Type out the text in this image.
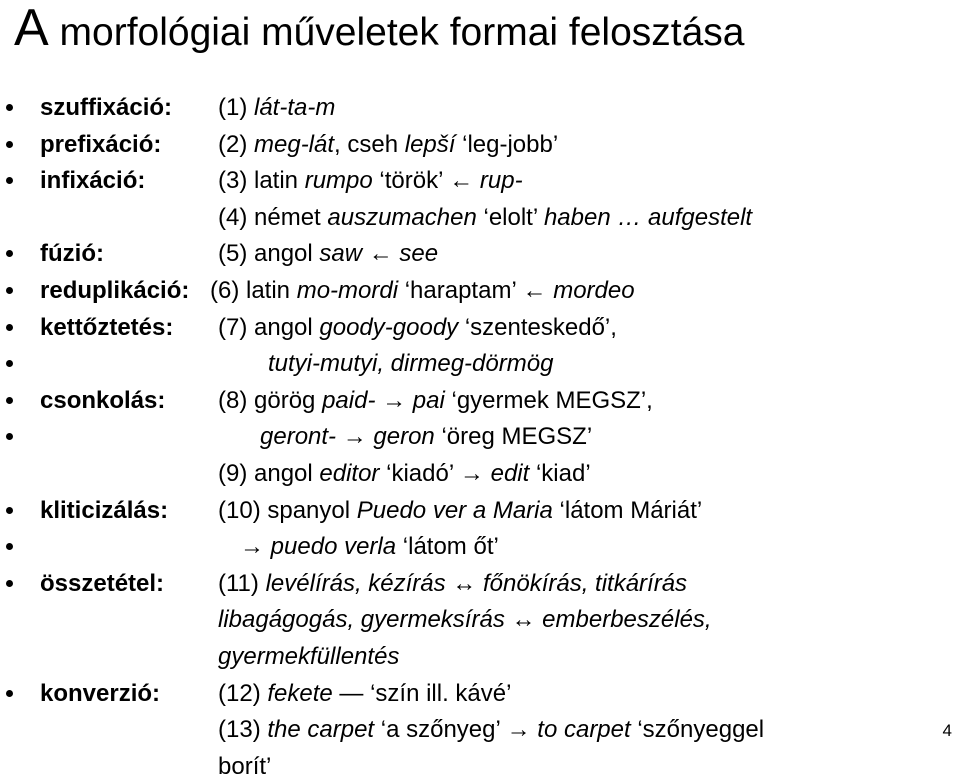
A morfológiai műveletek formai felosztása
szuffixáció: (1) lát-ta-m
prefixáció: (2) meg-lát, cseh lepší ‘leg-jobb’
infixáció:	(3) latin rumpo ‘török’ ← rup-
(4) német auszumachen ‘elolt’ haben … aufgestelt
fúzió:	(5) angol saw ← see
reduplikáció: (6) latin mo-mordi ‘haraptam’ ← mordeo
kettőztetés: (7) angol goody-goody ‘szenteskedő’,
tutyi-mutyi, dirmeg-dörmög
csonkolás: (8) görög paid- → pai ‘gyermek MEGSZ’,
geront- → geron ‘öreg MEGSZ’
(9) angol editor ‘kiadó’ → edit ‘kiad’
kliticizálás: (10) spanyol Puedo ver a Maria ‘látom Máriát’
→ puedo verla ‘látom őt’
összetétel: (11) levélírás, kézírás ↔ főnökírás, titkárírás
libagágogás, gyermeksírás ↔ emberbeszélés,
gyermekfüllentés
konverzió: (12) fekete — ‘szín ill. kávé’
(13) the carpet ‘a szőnyeg’ → to carpet ‘szőnyeggel
borít’
4
